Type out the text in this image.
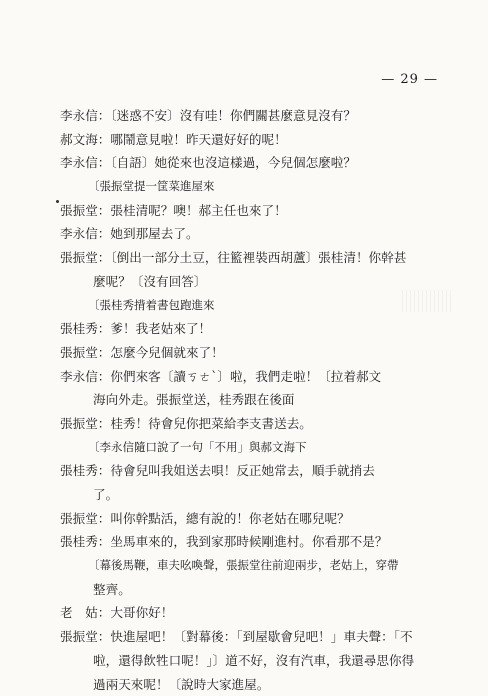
— 29 —
李永信：〔迷惑不安〕沒有哇！你們關甚麼意見沒有？
郝文海：哪鬧意見啦！昨天還好好的呢！
李永信：〔自語〕她從來也沒這樣過，今兒個怎麼啦？
〔張振堂提一筐菜進屋來
張振堂：張桂清呢？噢！郝主任也來了！
李永信：她到那屋去了。
張振堂：〔倒出一部分土豆，往籃裡裝西胡蘆〕張桂清！你幹甚
麼呢？〔沒有回答〕
〔張桂秀揹着書包跑進來
張桂秀：爹！我老姑來了！
張振堂：怎麼今兒個就來了！
李永信：你們來客〔讀ㄎㄜˋ〕啦，我們走啦！〔拉着郝文
海向外走。張振堂送，桂秀跟在後面
張振堂：桂秀！待會兒你把菜給李支書送去。
〔李永信隨口說了一句「不用」與郝文海下
張桂秀：待會兒叫我姐送去唄！反正她常去，順手就捎去
了。
張振堂：叫你幹點活，總有說的！你老姑在哪兒呢？
張桂秀：坐馬車來的，我到家那時候剛進村。你看那不是？
〔幕後馬鞭，車夫吆喚聲，張振堂往前迎兩步，老姑上，穿帶
整齊。
老　姑：大哥你好！
張振堂：快進屋吧！〔對幕後：「到屋歇會兒吧！」車夫聲：「不
啦，還得飲牲口呢！」〕道不好，沒有汽車，我還尋思你得
過兩天來呢！〔說時大家進屋。
